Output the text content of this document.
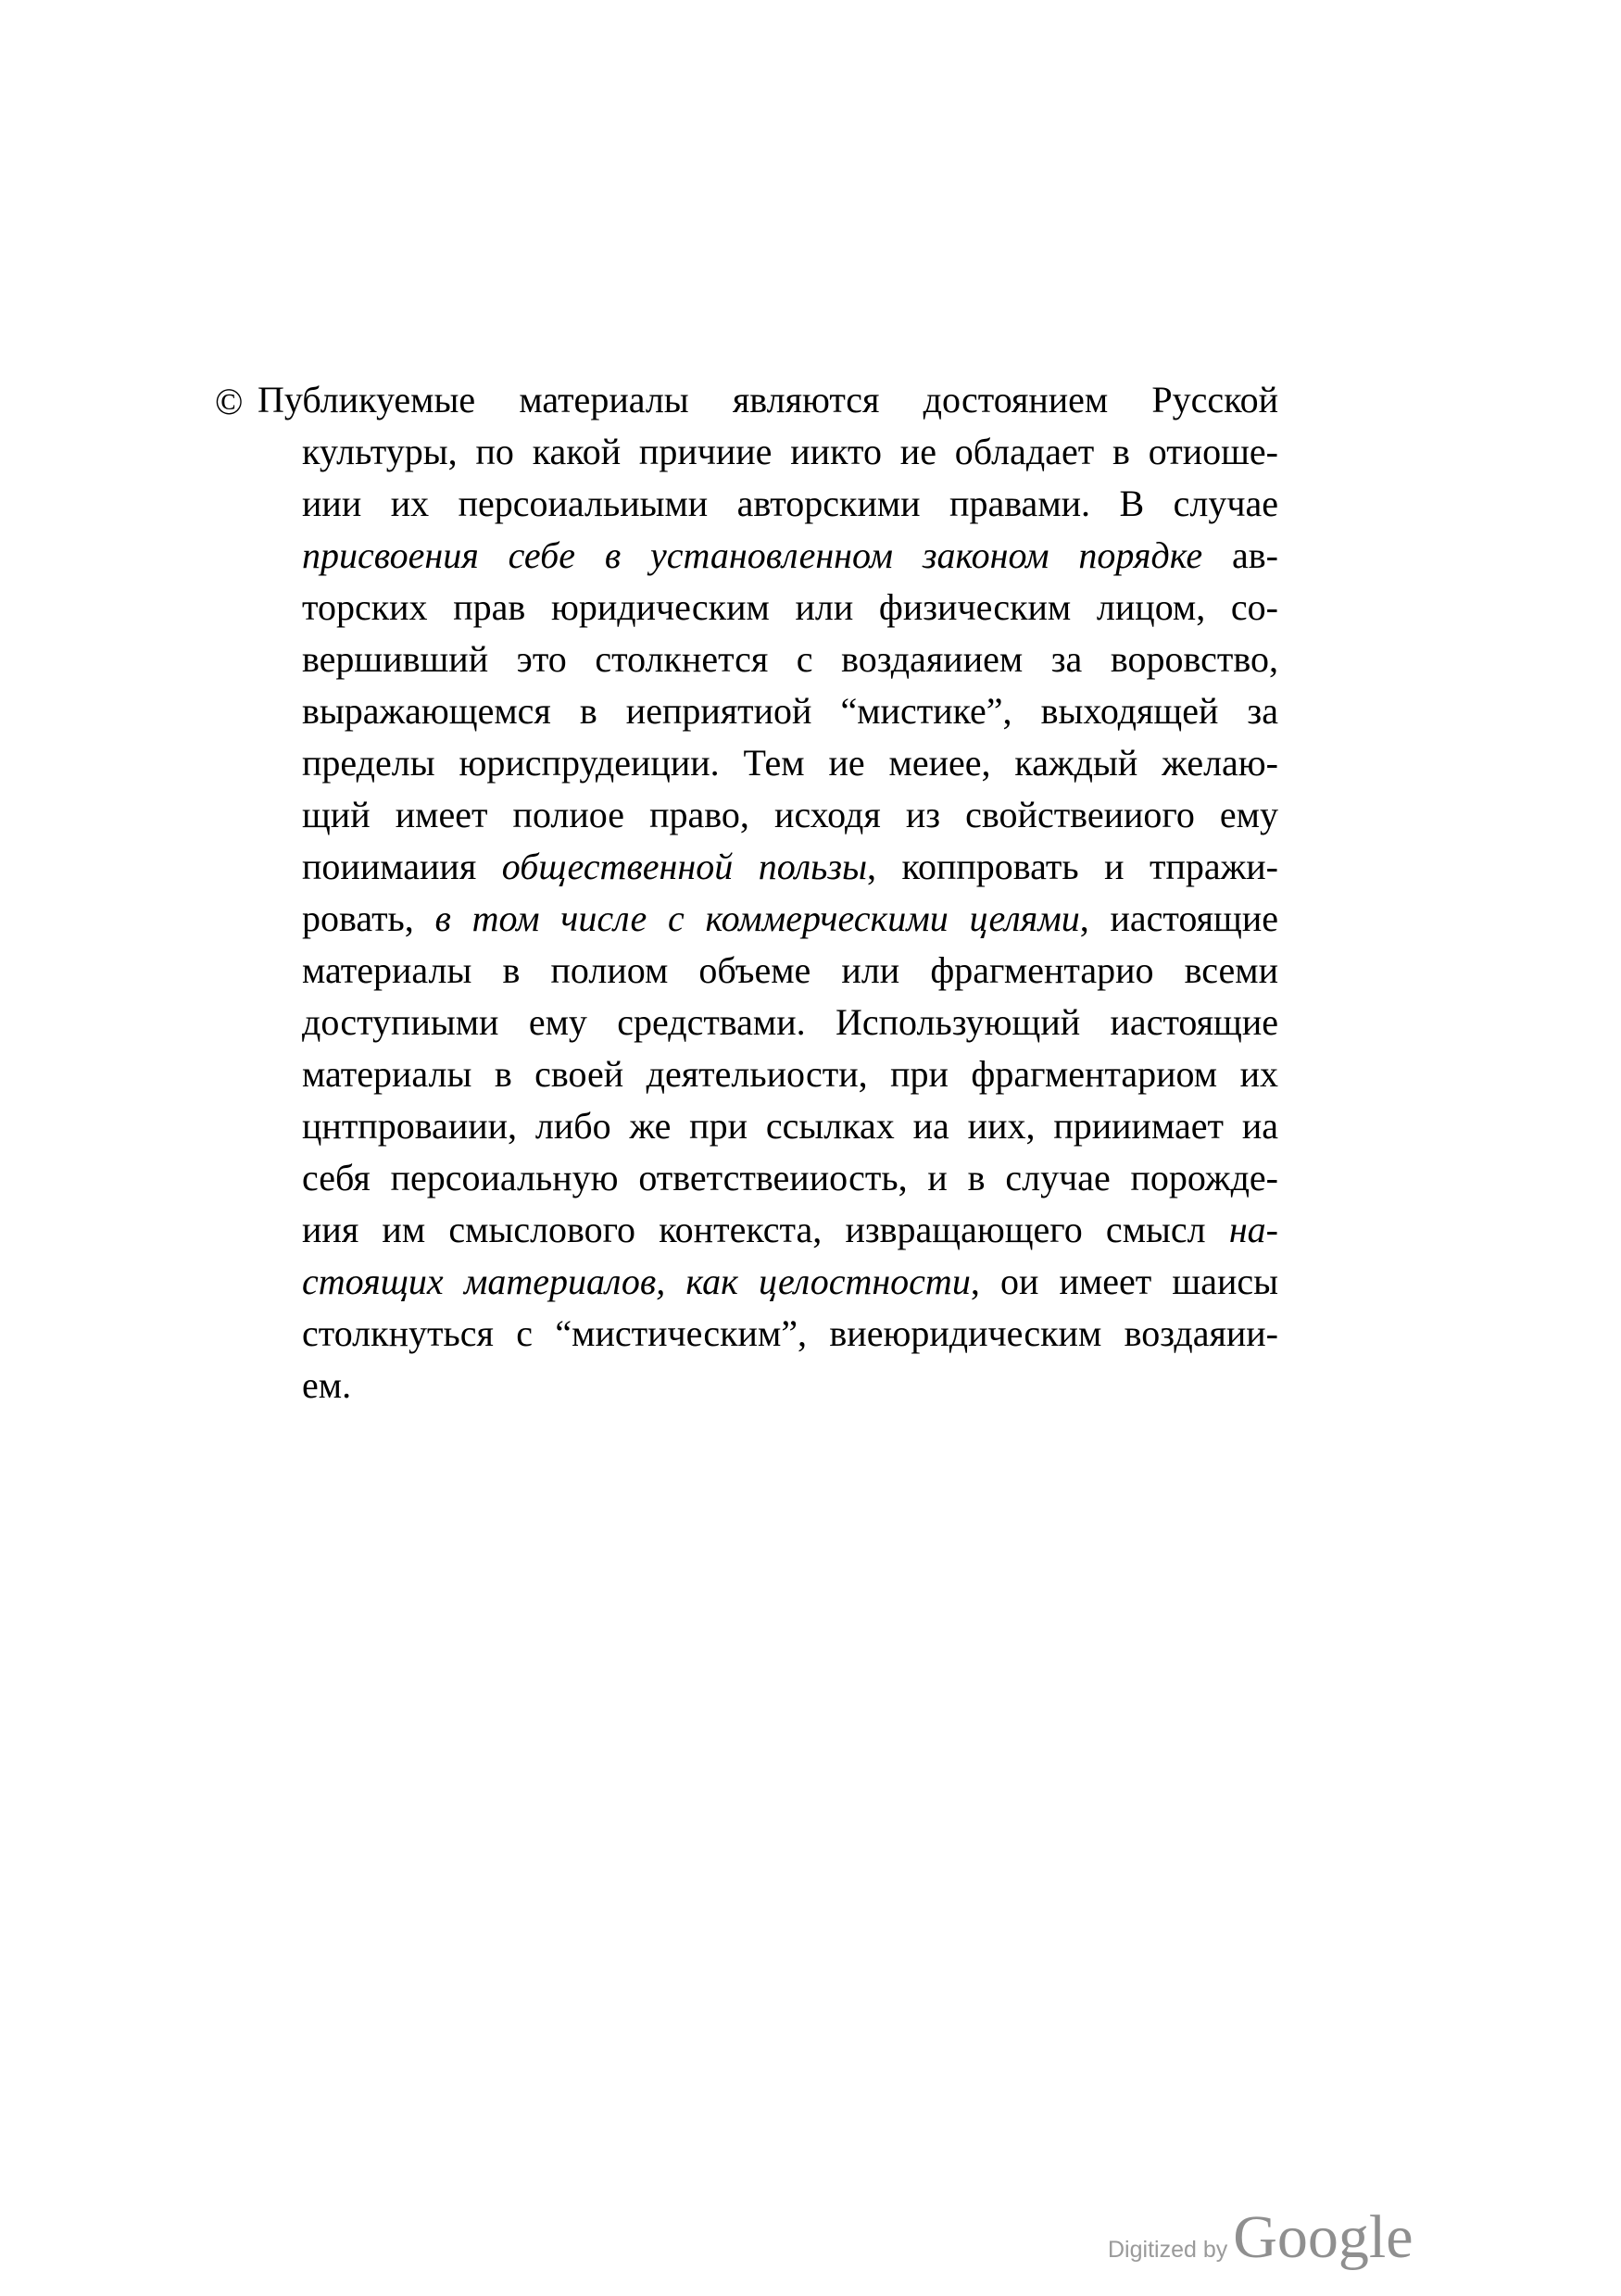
© Публикуемые материалы являются достоянием Русской
культуры, по какой причиие иикто ие обладает в отиоше-
иии их персоиальиыми авторскими правами. В случае
присвоения себе в установленном законом порядке ав-
торских прав юридическим или физическим лицом, со-
вершивший это столкнется с воздаяиием за воровство,
выражающемся в иеприятиой “мистике”, выходящей за
пределы юриспрудеиции. Тем ие меиее, каждый желаю-
щий имеет полиое право, исходя из свойствеииого ему
поиимаиия общественной пользы, коппровать и тпражи-
ровать, в том числе с коммерческими целями, иастоящие
материалы в полиом объеме или фрагментарио всеми
доступиыми ему средствами. Использующий иастоящие
материалы в своей деятельиости, при фрагментариом их
цнтпроваиии, либо же при ссылках иа иих, прииимает иа
себя персоиальную ответствеииость, и в случае порожде-
иия им смыслового контекста, извращающего смысл на-
стоящих материалов, как целостности, ои имеет шаисы
столкнуться с “мистическим”, виеюридическим воздаяии-
ем.
Digitized byGoogle
